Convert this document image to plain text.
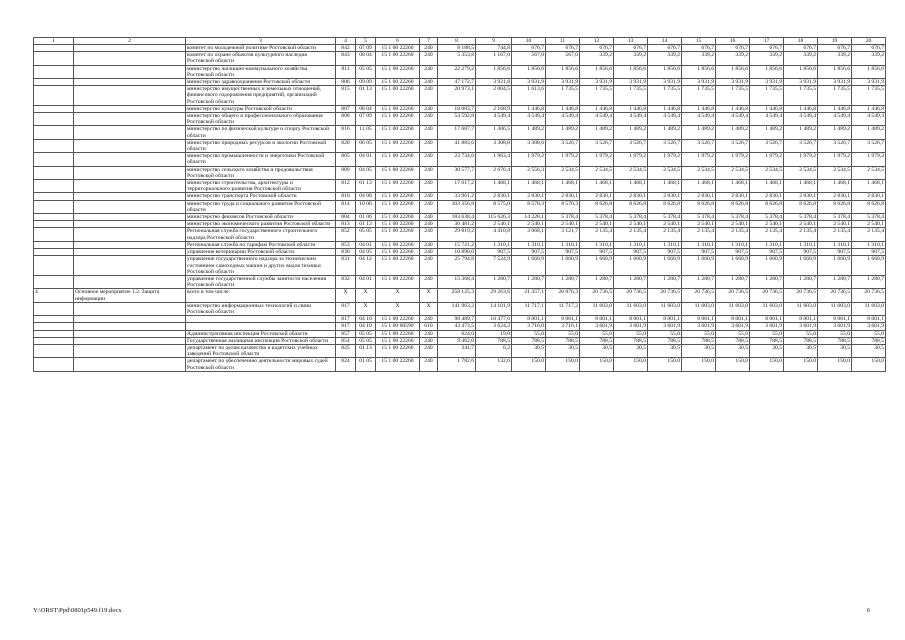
1	2	3	4	5	6	7	8	9	10	11	12	13	14	15	16	17	18	19	20
		комитет по молодежной политике Ростовской области	842	07 09	15 1 00 22260	240	8 188,5	744,8	676,7	676,7	676,7	676,7	676,7	676,7	676,7	676,7	676,7	676,7	676,7
		комитет по охране объектов культурного наследия Ростовской области	843	08 04	15 1 00 22260	240	5 353,8	1 167,0	567,0	567,0	339,2	339,2	339,2	339,2	339,2	339,2	339,2	339,2	339,2
		министерство жилищно-коммунального хозяйства Ростовской области	811	05 05	15 1 00 22260	240	22 279,2	1 856,6	1 856,6	1 856,6	1 856,6	1 856,6	1 856,6	1 856,6	1 856,6	1 856,6	1 856,6	1 856,6	1 856,6
		министерство здравоохранения Ростовской области	806	09 09	15 1 00 22260	240	47 172,7	3 921,8	3 931,9	3 931,9	3 931,9	3 931,9	3 931,9	3 931,9	3 931,9	3 931,9	3 931,9	3 931,9	3 931,9
		министерство имущественных и земельных отношений, финансового оздоровления предприятий, организаций Ростовской области	815	01 13	15 1 00 22260	240	20 973,1	2 004,5	1 613,6	1 735,5	1 735,5	1 735,5	1 735,5	1 735,5	1 735,5	1 735,5	1 735,5	1 735,5	1 735,5
		министерство культуры Ростовской области	807	08 04	15 1 00 22260	240	18 083,7	2 168,9	1 446,8	1 446,8	1 446,8	1 446,8	1 446,8	1 446,8	1 446,8	1 446,8	1 446,8	1 446,8	1 446,8
		министерство общего и профессионального образования Ростовской области	808	07 09	15 1 00 22260	240	54 592,8	4 549,4	4 549,4	4 549,4	4 549,4	4 549,4	4 549,4	4 549,4	4 549,4	4 549,4	4 549,4	4 549,4	4 549,4
		министерство по физической культуре и спорту Ростовской области	816	11 05	15 1 00 22260	240	17 687,7	1 306,5	1 489,2	1 489,2	1 489,2	1 489,2	1 489,2	1 489,2	1 489,2	1 489,2	1 489,2	1 489,2	1 489,2
		министерство природных ресурсов и экологии Ростовской области	820	06 05	15 1 00 22260	240	41 883,6	3 308,0	3 308,6	3 526,7	3 526,7	3 526,7	3 526,7	3 526,7	3 526,7	3 526,7	3 526,7	3 526,7	3 526,7
		министерство промышленности и энергетики Ростовской области	805	04 01	15 1 00 22260	240	23 734,6	1 963,4	1 979,2	1 979,2	1 979,2	1 979,2	1 979,2	1 979,2	1 979,2	1 979,2	1 979,2	1 979,2	1 979,2
		министерство сельского хозяйства и продовольствия Ростовской области	809	04 05	15 1 00 22260	240	30 577,7	2 676,4	2 556,3	2 534,5	2 534,5	2 534,5	2 534,5	2 534,5	2 534,5	2 534,5	2 534,5	2 534,5	2 534,5
		министерство строительства, архитектуры и территориального развития Ростовской области	812	01 13	15 1 00 22260	240	17 617,2	1 468,1	1 468,1	1 468,1	1 468,1	1 468,1	1 468,1	1 468,1	1 468,1	1 468,1	1 468,1	1 468,1	1 468,1
		министерство транспорта Ростовской области	810	04 08	15 1 00 22260	240	33 961,2	2 830,1	2 830,1	2 830,1	2 830,1	2 830,1	2 830,1	2 830,1	2 830,1	2 830,1	2 830,1	2 830,1	2 830,1
		министерство труда и социального развития Ростовской области	814	10 06	15 1 00 22260	240	103 356,8	8 575,0	8 570,3	8 570,3	8 626,8	8 626,8	8 626,8	8 626,8	8 626,8	8 626,8	8 626,8	8 626,8	8 626,8
		министерство финансов Ростовской области	804	01 06	15 1 00 22260	240	183 638,4	115 626,3	14 228,1	5 378,4	5 378,4	5 378,4	5 378,4	5 378,4	5 378,4	5 378,4	5 378,4	5 378,4	5 378,4
		министерство экономического развития Ростовской области	813	01 13	15 1 00 22260	240	30 481,2	2 540,1	2 540,1	2 540,1	2 540,1	2 540,1	2 540,1	2 540,1	2 540,1	2 540,1	2 540,1	2 540,1	2 540,1
		Региональная служба государственного строительного надзора Ростовской области	852	05 05	15 1 00 22260	240	29 819,2	4 410,8	3 068,1	3 121,7	2 135,4	2 135,4	2 135,4	2 135,4	2 135,4	2 135,4	2 135,4	2 135,4	2 135,4
		Региональная служба по тарифам Ростовской области	853	04 01	15 1 00 22260	240	15 721,2	1 310,1	1 310,1	1 310,1	1 310,1	1 310,1	1 310,1	1 310,1	1 310,1	1 310,1	1 310,1	1 310,1	1 310,1
		управление ветеринарии Ростовской области	830	04 05	15 1 00 22260	240	10 890,0	907,5	907,5	907,5	907,5	907,5	907,5	907,5	907,5	907,5	907,5	907,5	907,5
		управление государственного надзора за техническим состоянием самоходных машин и других видов техники Ростовской области	831	04 12	15 1 00 22260	240	25 794,8	7 524,9	1 660,9	1 660,9	1 660,9	1 660,9	1 660,9	1 660,9	1 660,9	1 660,9	1 660,9	1 660,9	1 660,9
		управление государственной службы занятости населения Ростовской области	832	04 01	15 1 00 22260	240	15 368,4	1 280,7	1 280,7	1 280,7	1 280,7	1 280,7	1 280,7	1 280,7	1 280,7	1 280,7	1 280,7	1 280,7	1 280,7
4.	Основное мероприятие 1.2. Защита информации	всего в том числе:	X	X	X	X	258 125,3	29 263,6	21 357,1	20 876,3	20 736,5	20 736,5	20 736,5	20 736,5	20 736,5	20 736,5	20 736,5	20 736,5	20 736,5
		министерство информационных технологий и связи Ростовской области	817	X	X	X	141 963,2	14 101,9	11 717,1	11 717,2	11 603,0	11 603,0	11 603,0	11 603,0	11 603,0	11 603,0	11 603,0	11 603,0	11 603,0
			817	04 10	15 1 00 22260	240	98 489,7	10 477,6	8 001,1	8 001,1	8 001,1	8 001,1	8 001,1	8 001,1	8 001,1	8 001,1	8 001,1	8 001,1	8 001,1
			817	04 10	15 1 00 00590	610	43 473,5	3 624,3	3 716,0	3 716,1	3 601,9	3 601,9	3 601,9	3 601,9	3 601,9	3 601,9	3 601,9	3 601,9	3 601,9
		Административная инспекция Ростовской области	857	05 05	15 1 00 22260	240	624,0	19,0	55,0	55,0	55,0	55,0	55,0	55,0	55,0	55,0	55,0	55,0	55,0
		Государственная жилищная инспекция Ростовской области	854	05 05	15 1 00 22260	240	9 462,0	788,5	788,5	788,5	788,5	788,5	788,5	788,5	788,5	788,5	788,5	788,5	788,5
		департамент по делам казачества и кадетских учебных заведений Ростовской области	825	01 13	15 1 00 22260	240	341,7	6,2	30,5	30,5	30,5	30,5	30,5	30,5	30,5	30,5	30,5	30,5	30,5
		департамент по обеспечению деятельности мировых судей Ростовской области	824	01 05	15 1 00 22260	240	1 782,6	132,6	150,0	150,0	150,0	150,0	150,0	150,0	150,0	150,0	150,0	150,0	150,0
Y:\ORST\Ppd\0801p549.f19.docx	6
